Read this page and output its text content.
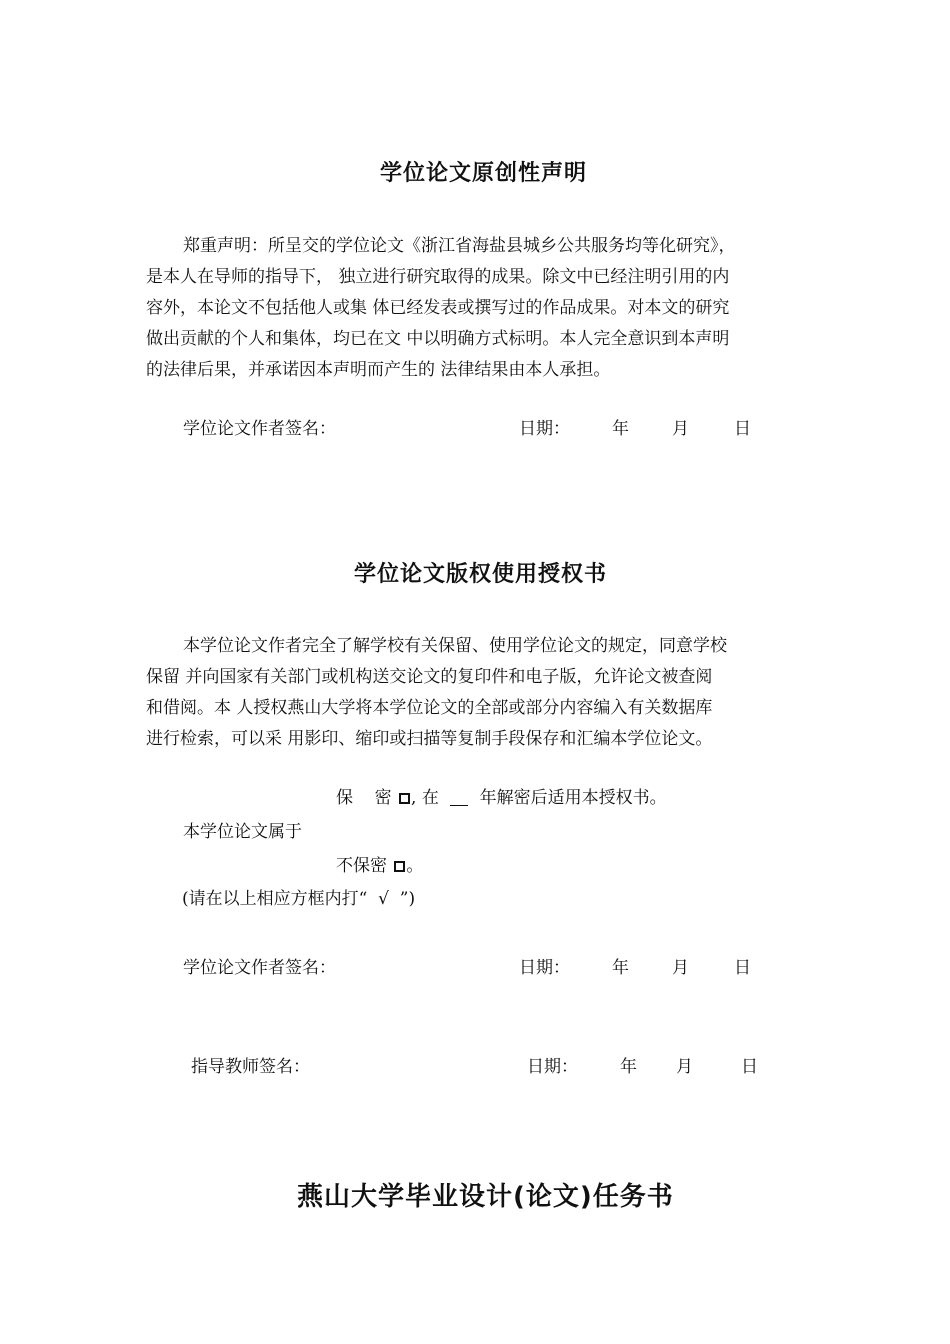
学位论文原创性声明
郑重声明：所呈交的学位论文《浙江省海盐县城乡公共服务均等化研究》，
是本人在导师的指导下， 独立进行研究取得的成果。除文中已经注明引用的内
容外，本论文不包括他人或集 体已经发表或撰写过的作品成果。对本文的研究
做出贡献的个人和集体，均已在文 中以明确方式标明。本人完全意识到本声明
的法律后果，并承诺因本声明而产生的 法律结果由本人承担。
学位论文作者签名：	日期： 年	月	日
学位论文版权使用授权书
本学位论文作者完全了解学校有关保留、使用学位论文的规定，同意学校
保留 并向国家有关部门或机构送交论文的复印件和电子版，允许论文被查阅
和借阅。本 人授权燕山大学将本学位论文的全部或部分内容编入有关数据库
进行检索，可以采 用影印、缩印或扫描等复制手段保存和汇编本学位论文。
保    密 , 在 年解密后适用本授权书。
本学位论文属于
不保密 。
(请在以上相应方框内打“  √  ”)
学位论文作者签名：	日期： 年	月	日
指导教师签名：	日期： 年 月	日
燕山大学毕业设计(论文)任务书
